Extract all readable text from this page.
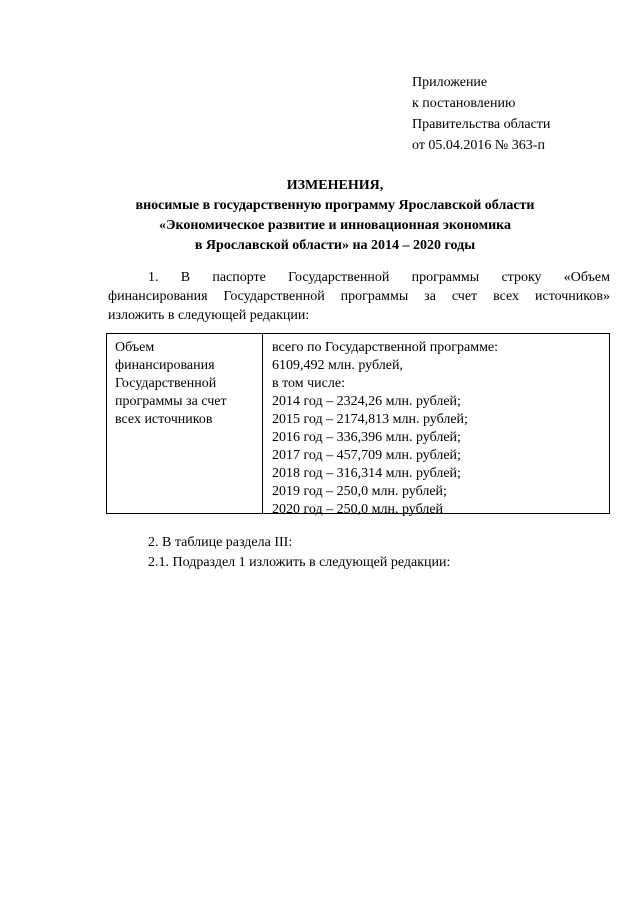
Приложение
к постановлению
Правительства области
от 05.04.2016 № 363-п
ИЗМЕНЕНИЯ,
вносимые в государственную программу Ярославской области
«Экономическое развитие и инновационная экономика
в Ярославской области» на 2014 – 2020 годы
1. В паспорте Государственной программы строку «Объем
финансирования Государственной программы за счет всех источников»
изложить в следующей редакции:
Объем
финансирования
Государственной
программы за счет
всех источников
всего по Государственной программе:
6109,492 млн. рублей,
в том числе:
2014 год – 2324,26 млн. рублей;
2015 год – 2174,813 млн. рублей;
2016 год – 336,396 млн. рублей;
2017 год – 457,709 млн. рублей;
2018 год – 316,314 млн. рублей;
2019 год – 250,0 млн. рублей;
2020 год – 250,0 млн. рублей
2. В таблице раздела III:
2.1. Подраздел 1 изложить в следующей редакции:
